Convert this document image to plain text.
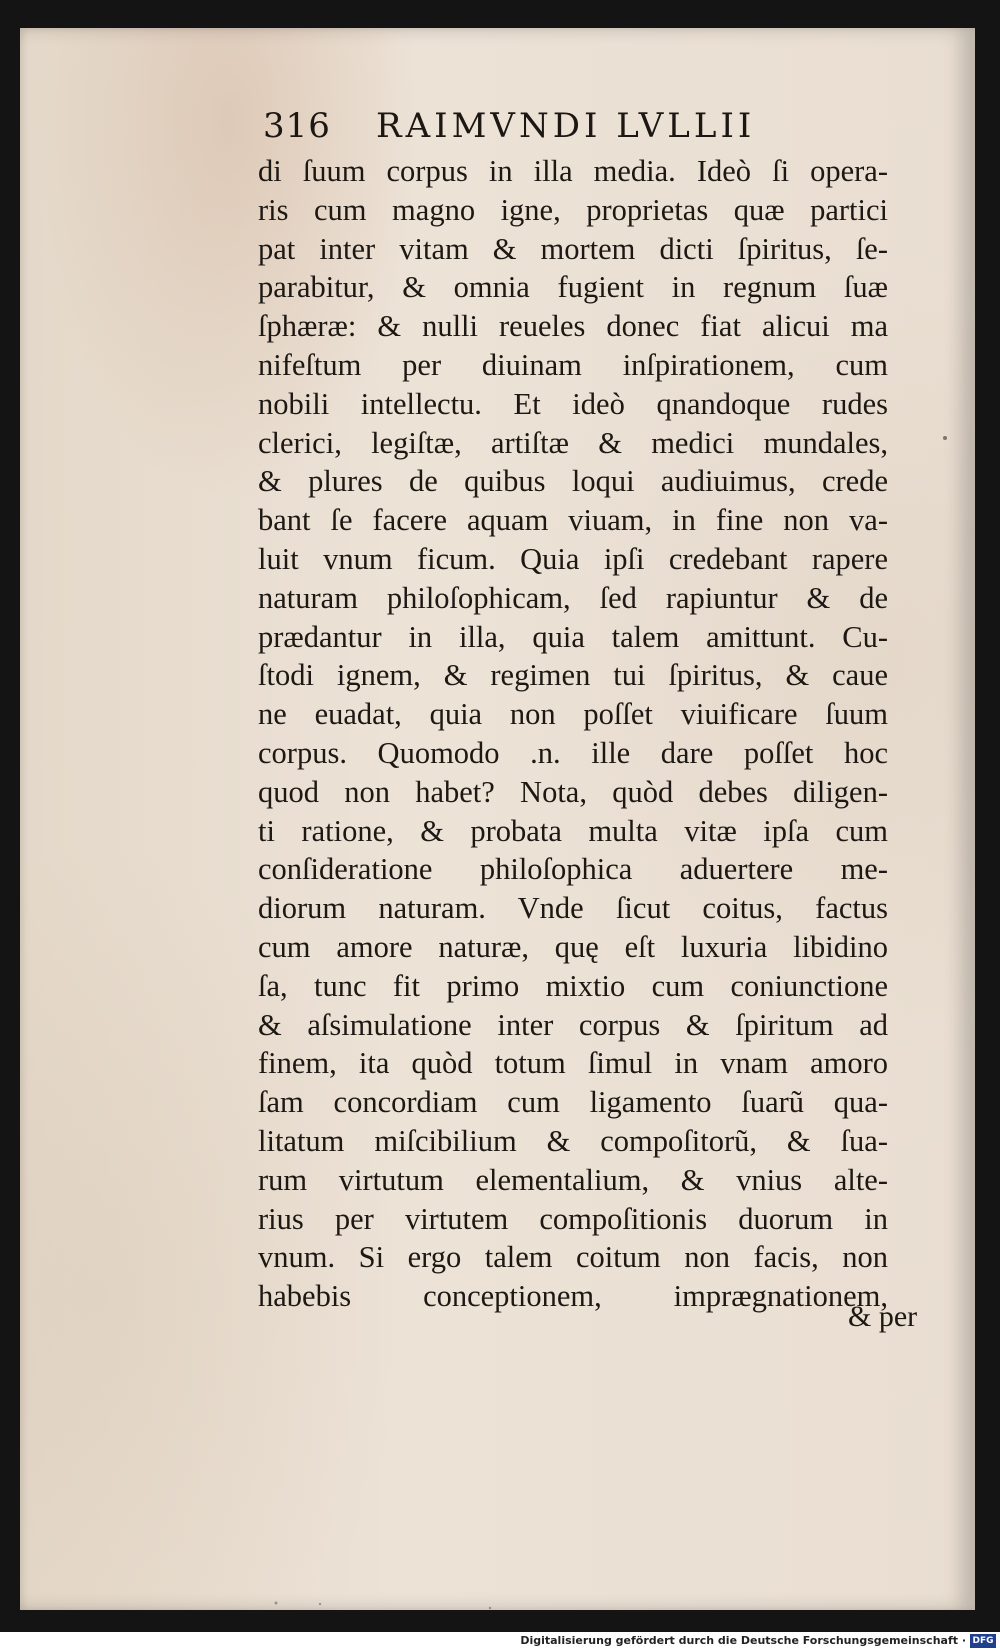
316 RAIMVNDI LVLLII
di ſuum corpus in illa media. Ideò ſi opera-
ris cum magno igne, proprietas quæ partici
pat inter vitam & mortem dicti ſpiritus, ſe-
parabitur, & omnia fugient in regnum ſuæ
ſphæræ: & nulli reueles donec fiat alicui ma
nifeſtum per diuinam inſpirationem, cum
nobili intellectu. Et ideò qnandoque rudes
clerici, legiſtæ, artiſtæ & medici mundales,
& plures de quibus loqui audiuimus, crede
bant ſe facere aquam viuam, in fine non va-
luit vnum ficum. Quia ipſi credebant rapere
naturam philoſophicam, ſed rapiuntur & de
prædantur in illa, quia talem amittunt. Cu-
ſtodi ignem, & regimen tui ſpiritus, & caue
ne euadat, quia non poſſet viuificare ſuum
corpus. Quomodo .n. ille dare poſſet hoc
quod non habet? Nota, quòd debes diligen-
ti ratione, & probata multa vitæ ipſa cum
conſideratione philoſophica aduertere me-
diorum naturam. Vnde ſicut coitus, factus
cum amore naturæ, quę eſt luxuria libidino
ſa, tunc fit primo mixtio cum coniunctione
& aſsimulatione inter corpus & ſpiritum ad
finem, ita quòd totum ſimul in vnam amoro
ſam concordiam cum ligamento ſuarũ qua-
litatum miſcibilium & compoſitorũ, & ſua-
rum virtutum elementalium, & vnius alte-
rius per virtutem compoſitionis duorum in
vnum. Si ergo talem coitum non facis, non
habebis conceptionem, imprægnationem,
& per
Digitalisierung gefördert durch die Deutsche Forschungsgemeinschaft · DFG
